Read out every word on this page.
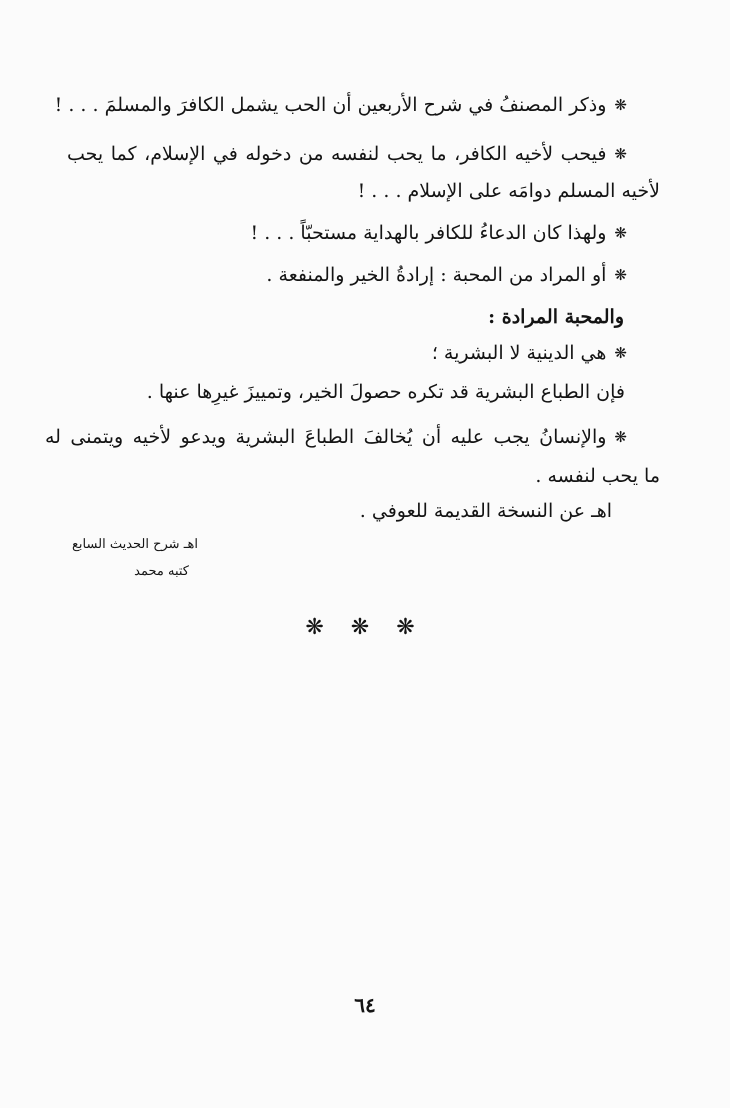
❋وذكر المصنفُ في شرح الأربعين أن الحب يشمل الكافرَ والمسلمَ . . . !
❋فيحب لأخيه الكافر، ما يحب لنفسه من دخوله في الإسلام، كما يحب
لأخيه المسلم دوامَه على الإسلام . . . !
❋ولهذا كان الدعاءُ للكافر بالهداية مستحبّاً . . . !
❋أو المراد من المحبة : إرادةُ الخير والمنفعة .
والمحبة المرادة :
❋هي الدينية لا البشرية ؛
فإن الطباع البشرية قد تكره حصولَ الخير، وتمييزَ غيرِها عنها .
❋والإنسانُ يجب عليه أن يُخالفَ الطباعَ البشرية ويدعو لأخيه ويتمنى له
ما يحب لنفسه .
اهـ عن النسخة القديمة للعوفي .
اهـ شرح الحديث السابع
كتبه محمد
❋ ❋ ❋
٦٤
